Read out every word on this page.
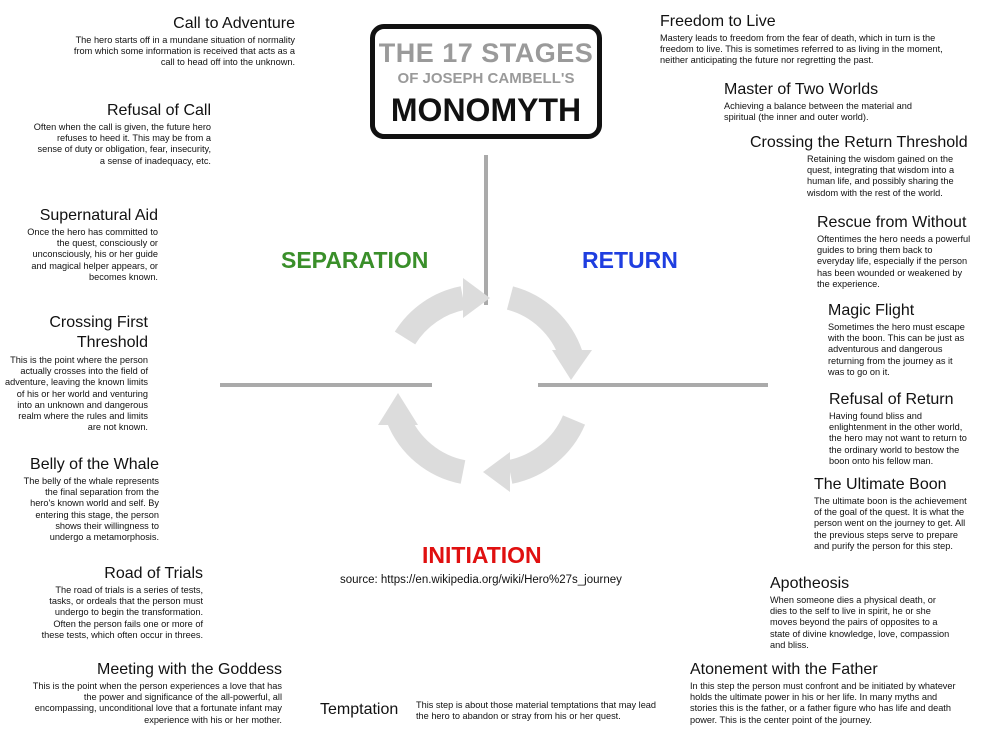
THE 17 STAGES
OF JOSEPH CAMBELL'S
MONOMYTH
SEPARATION	RETURN
INITIATION
source: https://en.wikipedia.org/wiki/Hero%27s_journey
Call to Adventure

The hero starts off in a mundane situation of normality from which some information is received that acts as a call to head off into the unknown.

Refusal of Call

Often when the call is given, the future hero refuses to heed it. This may be from a sense of duty or obligation, fear, insecurity, a sense of inadequacy, etc.

Supernatural Aid

Once the hero has committed to the quest, consciously or unconsciously, his or her guide and magical helper appears, or becomes known.

Crossing First Threshold

This is the point where the person actually crosses into the field of adventure, leaving the known limits of his or her world and venturing into an unknown and dangerous realm where the rules and limits are not known.

Belly of the Whale

The belly of the whale represents the final separation from the hero's known world and self. By entering this stage, the person shows their willingness to undergo a metamorphosis.

Road of Trials

The road of trials is a series of tests, tasks, or ordeals that the person must undergo to begin the transformation. Often the person fails one or more of these tests, which often occur in threes.

Meeting with the Goddess

This is the point when the person experiences a love that has the power and significance of the all-powerful, all encompassing, unconditional love that a fortunate infant may experience with his or her mother.

Temptation This step is about those material temptations that may lead the hero to abandon or stray from his or her quest.

Freedom to Live

Mastery leads to freedom from the fear of death, which in turn is the freedom to live. This is sometimes referred to as living in the moment, neither anticipating the future nor regretting the past.

Master of Two Worlds

Achieving a balance between the material and spiritual (the inner and outer world).

Crossing the Return Threshold

Retaining the wisdom gained on the quest, integrating that wisdom into a human life, and possibly sharing the wisdom with the rest of the world.

Rescue from Without

Oftentimes the hero needs a powerful guides to bring them back to everyday life, especially if the person has been wounded or weakened by the experience.

Magic Flight

Sometimes the hero must escape with the boon. This can be just as adventurous and dangerous returning from the journey as it was to go on it.

Refusal of Return

Having found bliss and enlightenment in the other world, the hero may not want to return to the ordinary world to bestow the boon onto his fellow man.

The Ultimate Boon

The ultimate boon is the achievement of the goal of the quest. It is what the person went on the journey to get. All the previous steps serve to prepare and purify the person for this step.

Apotheosis

When someone dies a physical death, or dies to the self to live in spirit, he or she moves beyond the pairs of opposites to a state of divine knowledge, love, compassion and bliss.

Atonement with the Father

In this step the person must confront and be initiated by whatever holds the ultimate power in his or her life. In many myths and stories this is the father, or a father figure who has life and death power. This is the center point of the journey.
